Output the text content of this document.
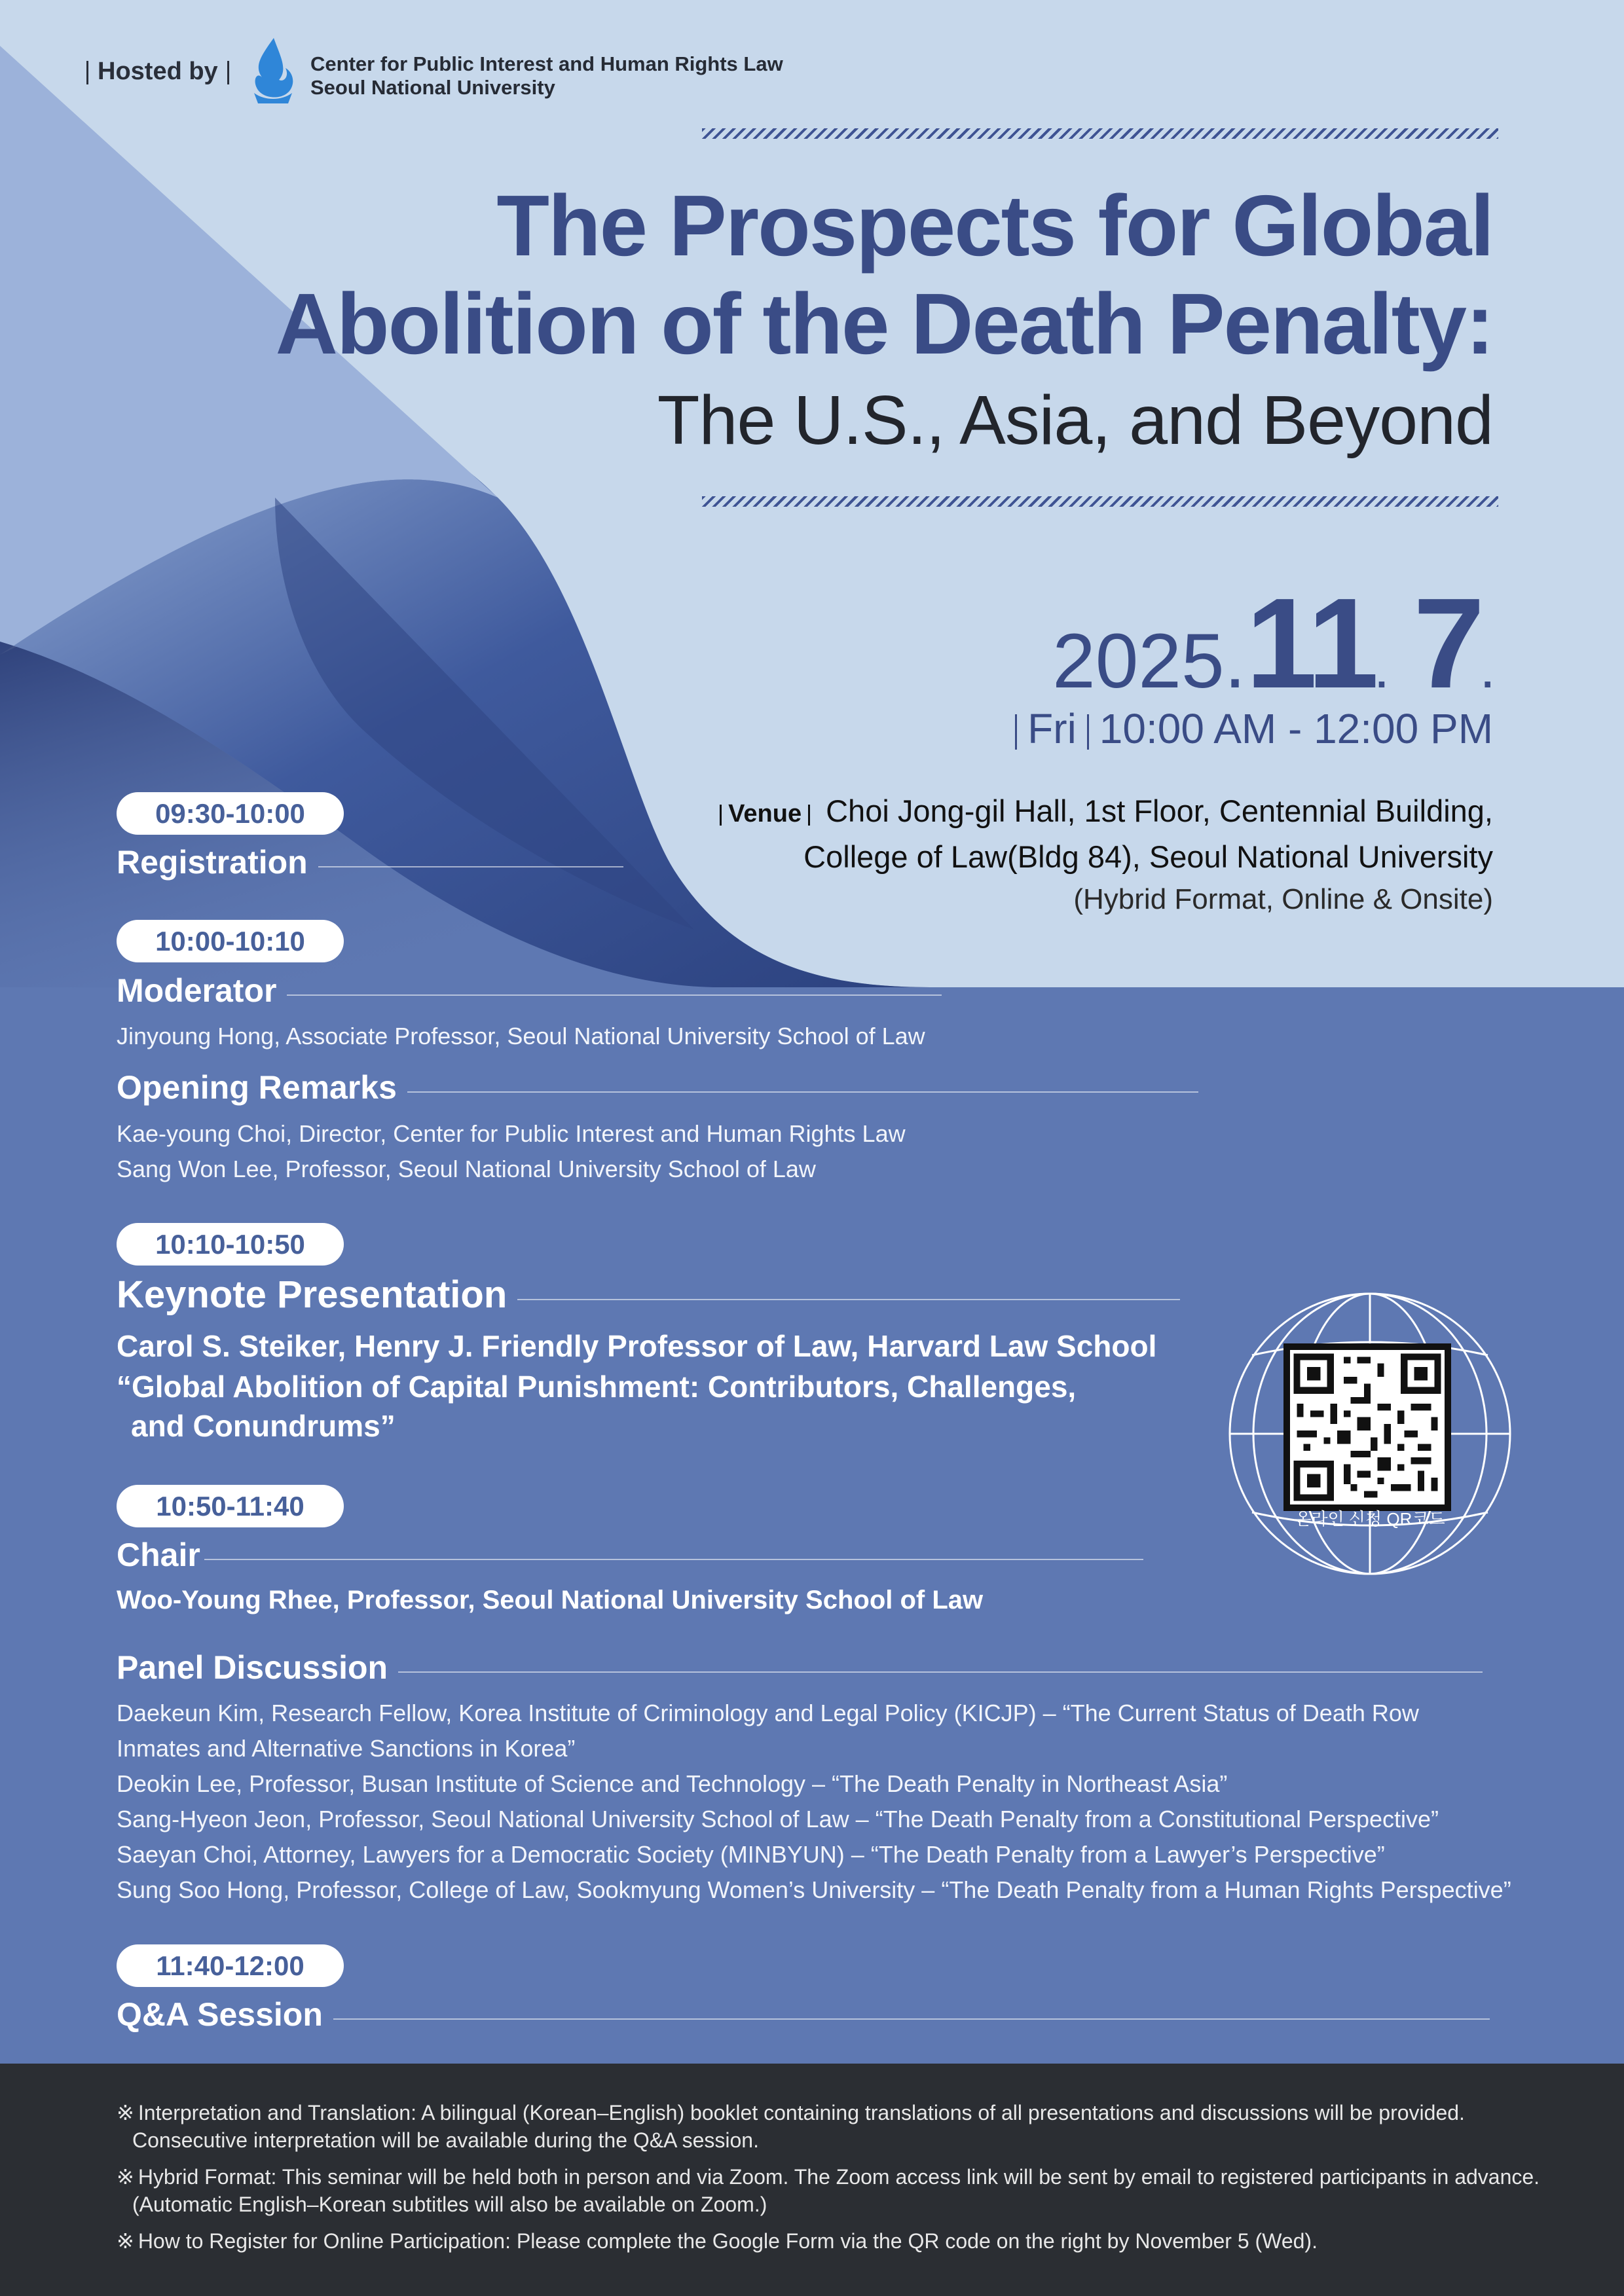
Hosted by	Center for Public Interest and Human Rights Law
Seoul National University
The Prospects for Global
Abolition of the Death Penalty:
The U.S., Asia, and Beyond
2025.11. 7.
Fri 10:00 AM - 12:00 PM
Venue Choi Jong-gil Hall, 1st Floor, Centennial Building,
College of Law(Bldg 84), Seoul National University
(Hybrid Format, Online & Onsite)
09:30-10:00
Registration
10:00-10:10
Moderator
Jinyoung Hong, Associate Professor, Seoul National University School of Law
Opening Remarks
Kae-young Choi, Director, Center for Public Interest and Human Rights Law
Sang Won Lee, Professor, Seoul National University School of Law
10:10-10:50
Keynote Presentation
Carol S. Steiker, Henry J. Friendly Professor of Law, Harvard Law School
“Global Abolition of Capital Punishment: Contributors, Challenges,
and Conundrums”
온라인 신청 QR코드
10:50-11:40
Chair
Woo-Young Rhee, Professor, Seoul National University School of Law
Panel Discussion
Daekeun Kim, Research Fellow, Korea Institute of Criminology and Legal Policy (KICJP) – “The Current Status of Death Row
Inmates and Alternative Sanctions in Korea”
Deokin Lee, Professor, Busan Institute of Science and Technology – “The Death Penalty in Northeast Asia”
Sang-Hyeon Jeon, Professor, Seoul National University School of Law – “The Death Penalty from a Constitutional Perspective”
Saeyan Choi, Attorney, Lawyers for a Democratic Society (MINBYUN) – “The Death Penalty from a Lawyer’s Perspective”
Sung Soo Hong, Professor, College of Law, Sookmyung Women’s University – “The Death Penalty from a Human Rights Perspective”
11:40-12:00
Q&A Session
※ Interpretation and Translation: A bilingual (Korean–English) booklet containing translations of all presentations and discussions will be provided.
Consecutive interpretation will be available during the Q&A session.
※ Hybrid Format: This seminar will be held both in person and via Zoom. The Zoom access link will be sent by email to registered participants in advance.
(Automatic English–Korean subtitles will also be available on Zoom.)
※ How to Register for Online Participation: Please complete the Google Form via the QR code on the right by November 5 (Wed).
